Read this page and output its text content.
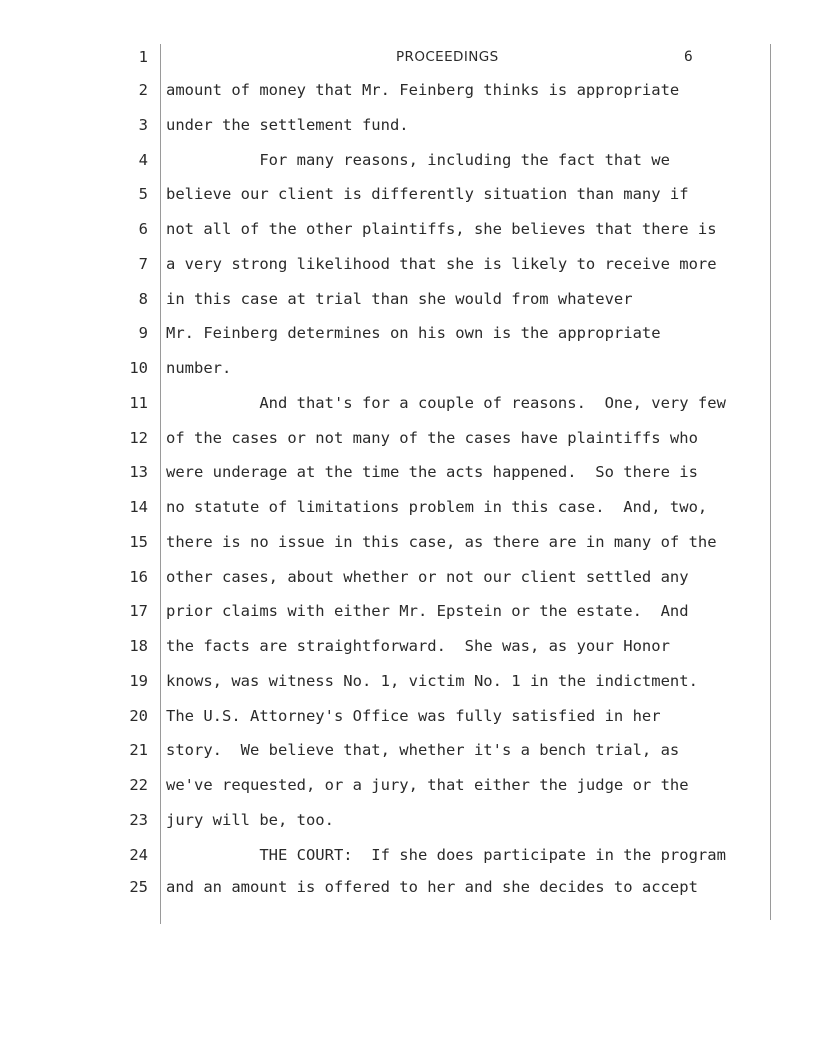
1	PROCEEDINGS	6
2 amount of money that Mr. Feinberg thinks is appropriate
3 under the settlement fund.
4 For many reasons, including the fact that we
5 believe our client is differently situation than many if
6 not all of the other plaintiffs, she believes that there is
7 a very strong likelihood that she is likely to receive more
8 in this case at trial than she would from whatever
9 Mr. Feinberg determines on his own is the appropriate
10 number.
11 And that's for a couple of reasons.  One, very few
12 of the cases or not many of the cases have plaintiffs who
13 were underage at the time the acts happened.  So there is
14 no statute of limitations problem in this case.  And, two,
15 there is no issue in this case, as there are in many of the
16 other cases, about whether or not our client settled any
17 prior claims with either Mr. Epstein or the estate.  And
18 the facts are straightforward.  She was, as your Honor
19 knows, was witness No. 1, victim No. 1 in the indictment.
20 The U.S. Attorney's Office was fully satisfied in her
21 story.  We believe that, whether it's a bench trial, as
22 we've requested, or a jury, that either the judge or the
23 jury will be, too.
24 THE COURT:  If she does participate in the program
25 and an amount is offered to her and she decides to accept
